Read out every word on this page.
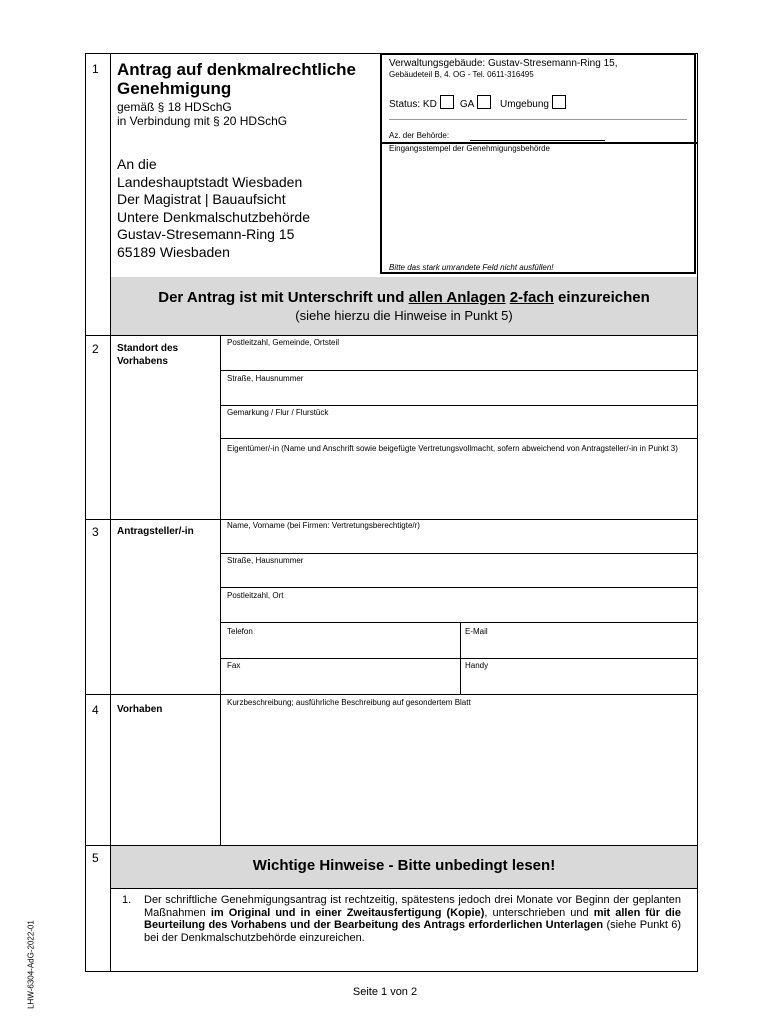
1 Antrag auf denkmalrechtliche Genehmigung
gemäß § 18 HDSchG
in Verbindung mit § 20 HDSchG
Verwaltungsgebäude: Gustav-Stresemann-Ring 15,
Gebäudeteil B, 4. OG - Tel. 0611-316495
Status: KD GA	Umgebung
Az. der Behörde:
Eingangsstempel der Genehmigungsbehörde
Bitte das stark umrandete Feld nicht ausfüllen!
An die
Landeshauptstadt Wiesbaden
Der Magistrat | Bauaufsicht
Untere Denkmalschutzbehörde
Gustav-Stresemann-Ring 15
65189 Wiesbaden
Der Antrag ist mit Unterschrift und allen Anlagen 2-fach einzureichen
(siehe hierzu die Hinweise in Punkt 5)
2 Standort des Vorhabens
Postleitzahl, Gemeinde, Ortsteil
Straße, Hausnummer
Gemarkung / Flur / Flurstück
Eigentümer/-in (Name und Anschrift sowie beigefügte Vertretungsvollmacht, sofern abweichend von Antragsteller/-in in Punkt 3)
3 Antragsteller/-in
Name, Vorname (bei Firmen: Vertretungsberechtigte/r)
Straße, Hausnummer
Postleitzahl, Ort
Telefon	E-Mail
Fax	Handy
4 Vorhaben
Kurzbeschreibung; ausführliche Beschreibung auf gesondertem Blatt
5	Wichtige Hinweise - Bitte unbedingt lesen!
1. Der schriftliche Genehmigungsantrag ist rechtzeitig, spätestens jedoch drei Monate vor Beginn der geplanten Maßnahmen im Original und in einer Zweitausfertigung (Kopie), unterschrieben und mit allen für die Beurteilung des Vorhabens und der Bearbeitung des Antrags erforderlichen Unterlagen (siehe Punkt 6) bei der Denkmalschutzbehörde einzureichen.
Seite 1 von 2
LHW-6304-AdG-2022-01
